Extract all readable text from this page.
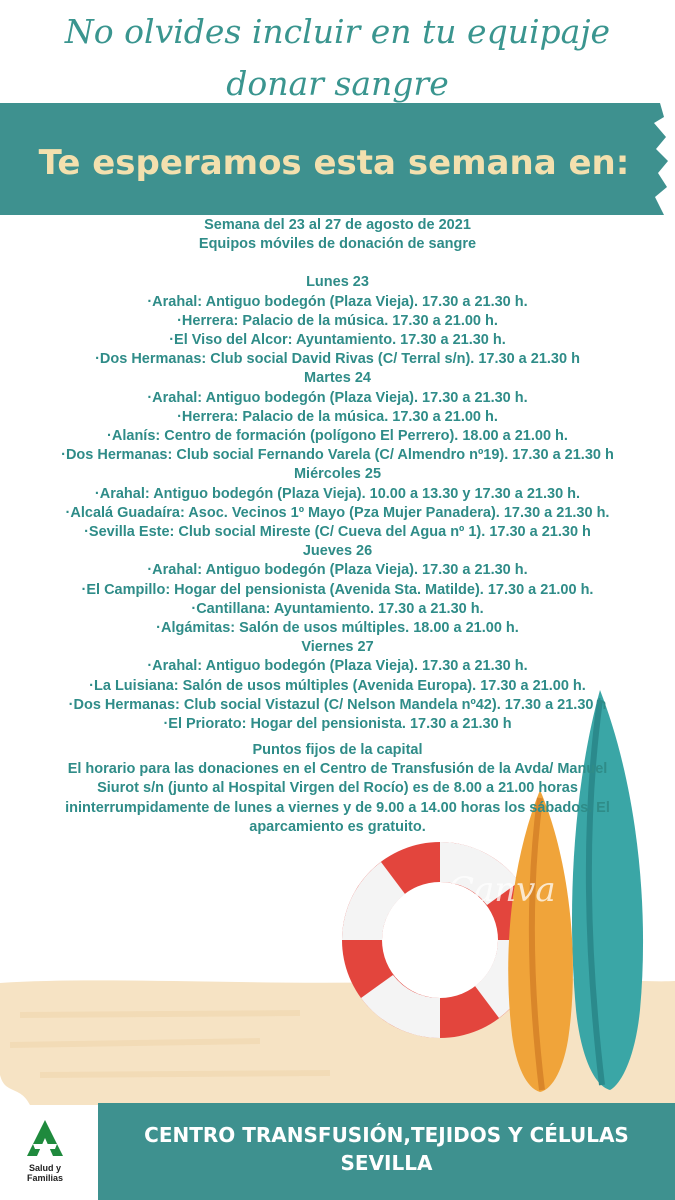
No olvides incluir en tu equipaje
donar sangre
Te esperamos esta semana en:
Canva
Semana del 23 al 27 de agosto de 2021
Equipos móviles de donación de sangre
Lunes 23
·Arahal: Antiguo bodegón (Plaza Vieja). 17.30 a 21.30 h.
·Herrera: Palacio de la música. 17.30 a 21.00 h.
·El Viso del Alcor: Ayuntamiento. 17.30 a 21.30 h.
·Dos Hermanas: Club social David Rivas (C/ Terral s/n). 17.30 a 21.30 h
Martes 24
·Arahal: Antiguo bodegón (Plaza Vieja). 17.30 a 21.30 h.
·Herrera: Palacio de la música. 17.30 a 21.00 h.
·Alanís: Centro de formación (polígono El Perrero). 18.00 a 21.00 h.
·Dos Hermanas: Club social Fernando Varela (C/ Almendro nº19). 17.30 a 21.30 h
Miércoles 25
·Arahal: Antiguo bodegón (Plaza Vieja). 10.00 a 13.30 y 17.30 a 21.30 h.
·Alcalá Guadaíra: Asoc. Vecinos 1º Mayo (Pza Mujer Panadera). 17.30 a 21.30 h.
·Sevilla Este: Club social Mireste (C/ Cueva del Agua nº 1). 17.30 a 21.30 h
Jueves 26
·Arahal: Antiguo bodegón (Plaza Vieja). 17.30 a 21.30 h.
·El Campillo: Hogar del pensionista (Avenida Sta. Matilde). 17.30 a 21.00 h.
·Cantillana: Ayuntamiento. 17.30 a 21.30 h.
·Algámitas: Salón de usos múltiples. 18.00 a 21.00 h.
Viernes 27
·Arahal: Antiguo bodegón (Plaza Vieja). 17.30 a 21.30 h.
·La Luisiana: Salón de usos múltiples (Avenida Europa). 17.30 a 21.00 h.
·Dos Hermanas: Club social Vistazul (C/ Nelson Mandela nº42). 17.30 a 21.30 h
·El Priorato: Hogar del pensionista. 17.30 a 21.30 h
Puntos fijos de la capital
El horario para las donaciones en el Centro de Transfusión de la Avda/ Manuel
Siurot s/n (junto al Hospital Virgen del Rocío) es de 8.00 a 21.00 horas
ininterrumpidamente de lunes a viernes y de 9.00 a 14.00 horas los sábados. El
aparcamiento es gratuito.
Salud y
Familias
CENTRO TRANSFUSIÓN,TEJIDOS Y CÉLULAS
SEVILLA
